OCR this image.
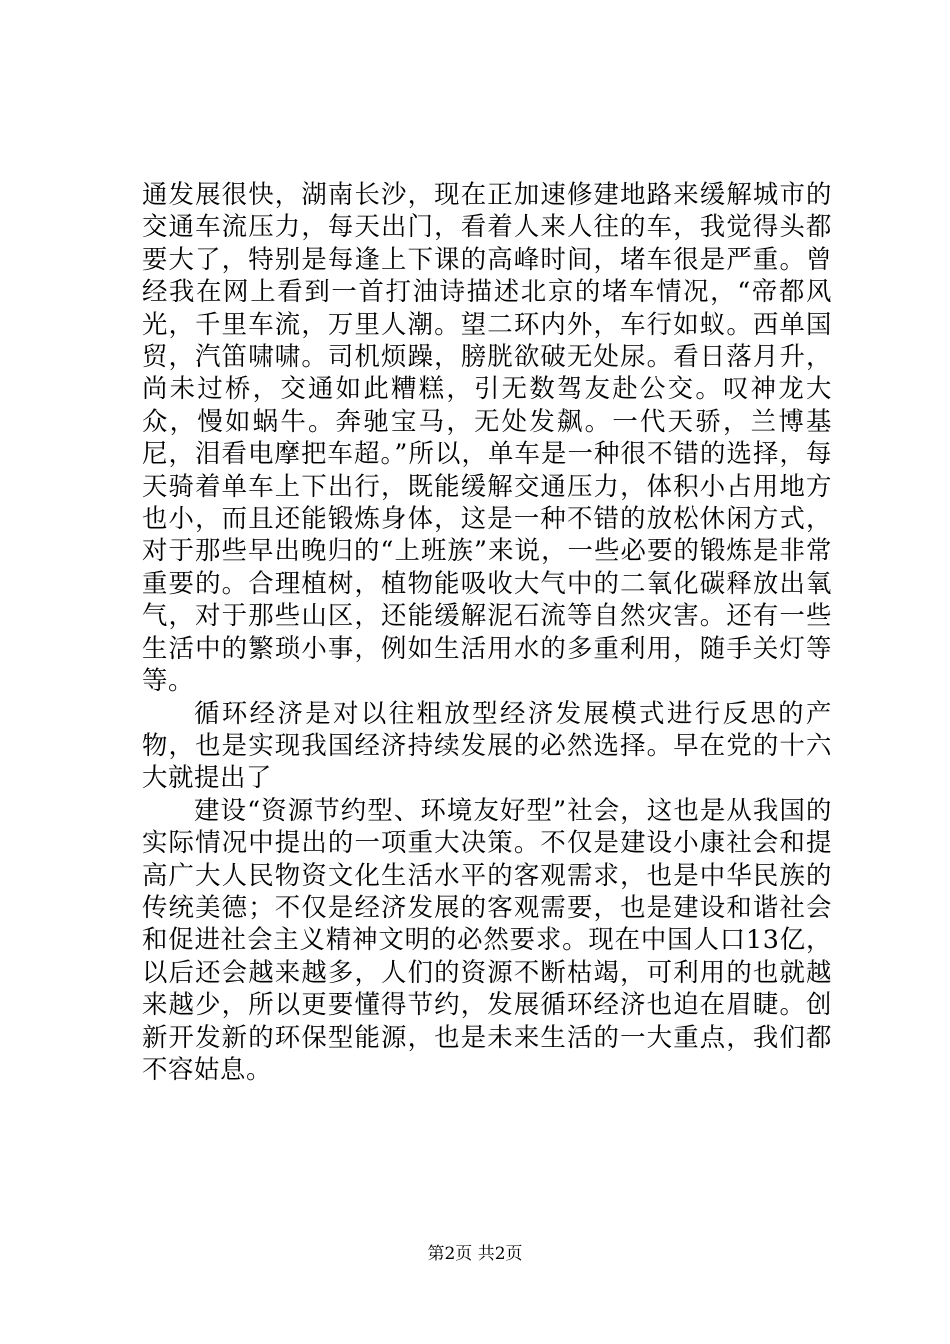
通发展很快，湖南长沙，现在正加速修建地路来缓解城市的交通车流压力，每天出门，看着人来人往的车，我觉得头都要大了，特别是每逢上下课的高峰时间，堵车很是严重。曾经我在网上看到一首打油诗描述北京的堵车情况，“帝都风光，千里车流，万里人潮。望二环内外，车行如蚁。西单国贸，汽笛啸啸。司机烦躁，膀胱欲破无处尿。看日落月升，尚未过桥，交通如此糟糕，引无数驾友赴公交。叹神龙大众，慢如蜗牛。奔驰宝马，无处发飙。一代天骄，兰博基尼，泪看电摩把车超。”所以，单车是一种很不错的选择，每天骑着单车上下出行，既能缓解交通压力，体积小占用地方也小，而且还能锻炼身体，这是一种不错的放松休闲方式，对于那些早出晚归的“上班族”来说，一些必要的锻炼是非常重要的。合理植树，植物能吸收大气中的二氧化碳释放出氧气，对于那些山区，还能缓解泥石流等自然灾害。还有一些生活中的繁琐小事，例如生活用水的多重利用，随手关灯等等。

循环经济是对以往粗放型经济发展模式进行反思的产物，也是实现我国经济持续发展的必然选择。早在党的十六大就提出了

建设“资源节约型、环境友好型”社会，这也是从我国的实际情况中提出的一项重大决策。不仅是建设小康社会和提高广大人民物资文化生活水平的客观需求，也是中华民族的传统美德；不仅是经济发展的客观需要，也是建设和谐社会和促进社会主义精神文明的必然要求。现在中国人口13亿，以后还会越来越多，人们的资源不断枯竭，可利用的也就越来越少，所以更要懂得节约，发展循环经济也迫在眉睫。创新开发新的环保型能源，也是未来生活的一大重点，我们都不容姑息。

第2页 共2页
